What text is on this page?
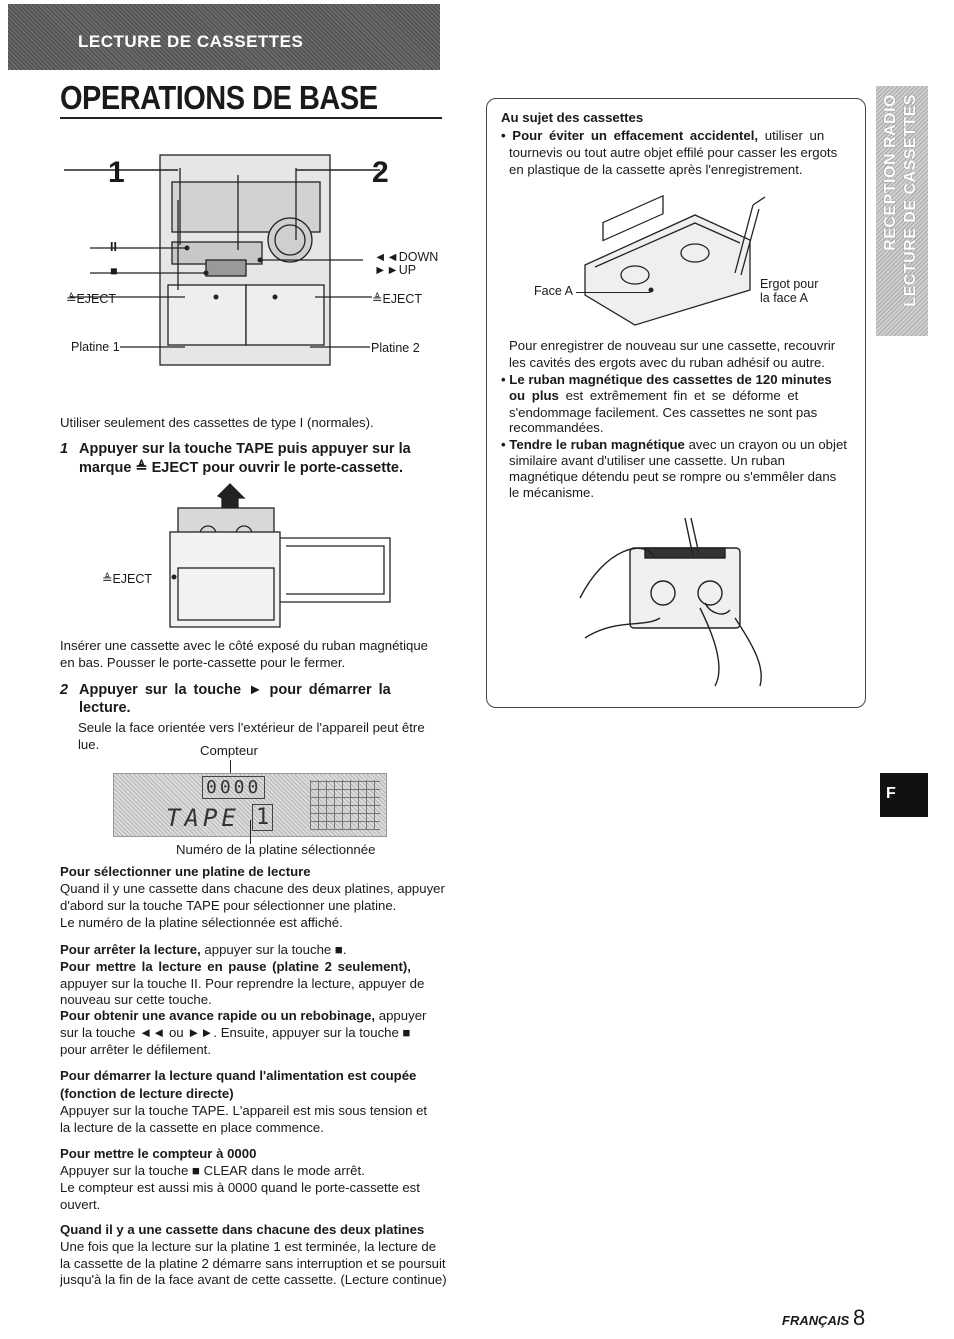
LECTURE DE CASSETTES
OPERATIONS DE BASE
1	2
II
■
◄◄DOWN
►►UP
≜EJECT	≜EJECT
Platine 1	Platine 2
Utiliser seulement des cassettes de type I (normales).
1 Appuyer sur la touche TAPE puis appuyer sur la
marque ≜ EJECT pour ouvrir le porte-cassette.
≜EJECT
Insérer une cassette avec le côté exposé du ruban magnétique
en bas. Pousser le porte-cassette pour le fermer.
2 Appuyer sur la touche ► pour démarrer la
lecture.
Seule la face orientée vers l'extérieur de l'appareil peut être
lue.	Compteur
0000
TAPE 1
Numéro de la platine sélectionnée
Pour sélectionner une platine de lecture
Quand il y une cassette dans chacune des deux platines, appuyer
d'abord sur la touche TAPE pour sélectionner une platine.
Le numéro de la platine sélectionnée est affiché.
Pour arrêter la lecture, appuyer sur la touche ■.
Pour mettre la lecture en pause (platine 2 seulement),
appuyer sur la touche II. Pour reprendre la lecture, appuyer de
nouveau sur cette touche.
Pour obtenir une avance rapide ou un rebobinage, appuyer
sur la touche ◄◄ ou ►►. Ensuite, appuyer sur la touche ■
pour arrêter le défilement.
Pour démarrer la lecture quand l'alimentation est coupée
(fonction de lecture directe)
Appuyer sur la touche TAPE. L'appareil est mis sous tension et
la lecture de la cassette en place commence.
Pour mettre le compteur à 0000
Appuyer sur la touche ■ CLEAR dans le mode arrêt.
Le compteur est aussi mis à 0000 quand le porte-cassette est
ouvert.
Quand il y a une cassette dans chacune des deux platines
Une fois que la lecture sur la platine 1 est terminée, la lecture de
la cassette de la platine 2 démarre sans interruption et se poursuit
jusqu'à la fin de la face avant de cette cassette. (Lecture continue)
Au sujet des cassettes
• Pour éviter un effacement accidentel, utiliser un
tournevis ou tout autre objet effilé pour casser les ergots
en plastique de la cassette après l'enregistrement.
Face A	Ergot pour
la face A
Pour enregistrer de nouveau sur une cassette, recouvrir
les cavités des ergots avec du ruban adhésif ou autre.
• Le ruban magnétique des cassettes de 120 minutes
ou plus est extrêmement fin et se déforme et
s'endommage facilement. Ces cassettes ne sont pas
recommandées.
• Tendre le ruban magnétique avec un crayon ou un objet
similaire avant d'utiliser une cassette. Un ruban
magnétique détendu peut se rompre ou s'emmêler dans
le mécanisme.
RECEPTION RADIO LECTURE DE CASSETTES
F
FRANÇAIS 8
